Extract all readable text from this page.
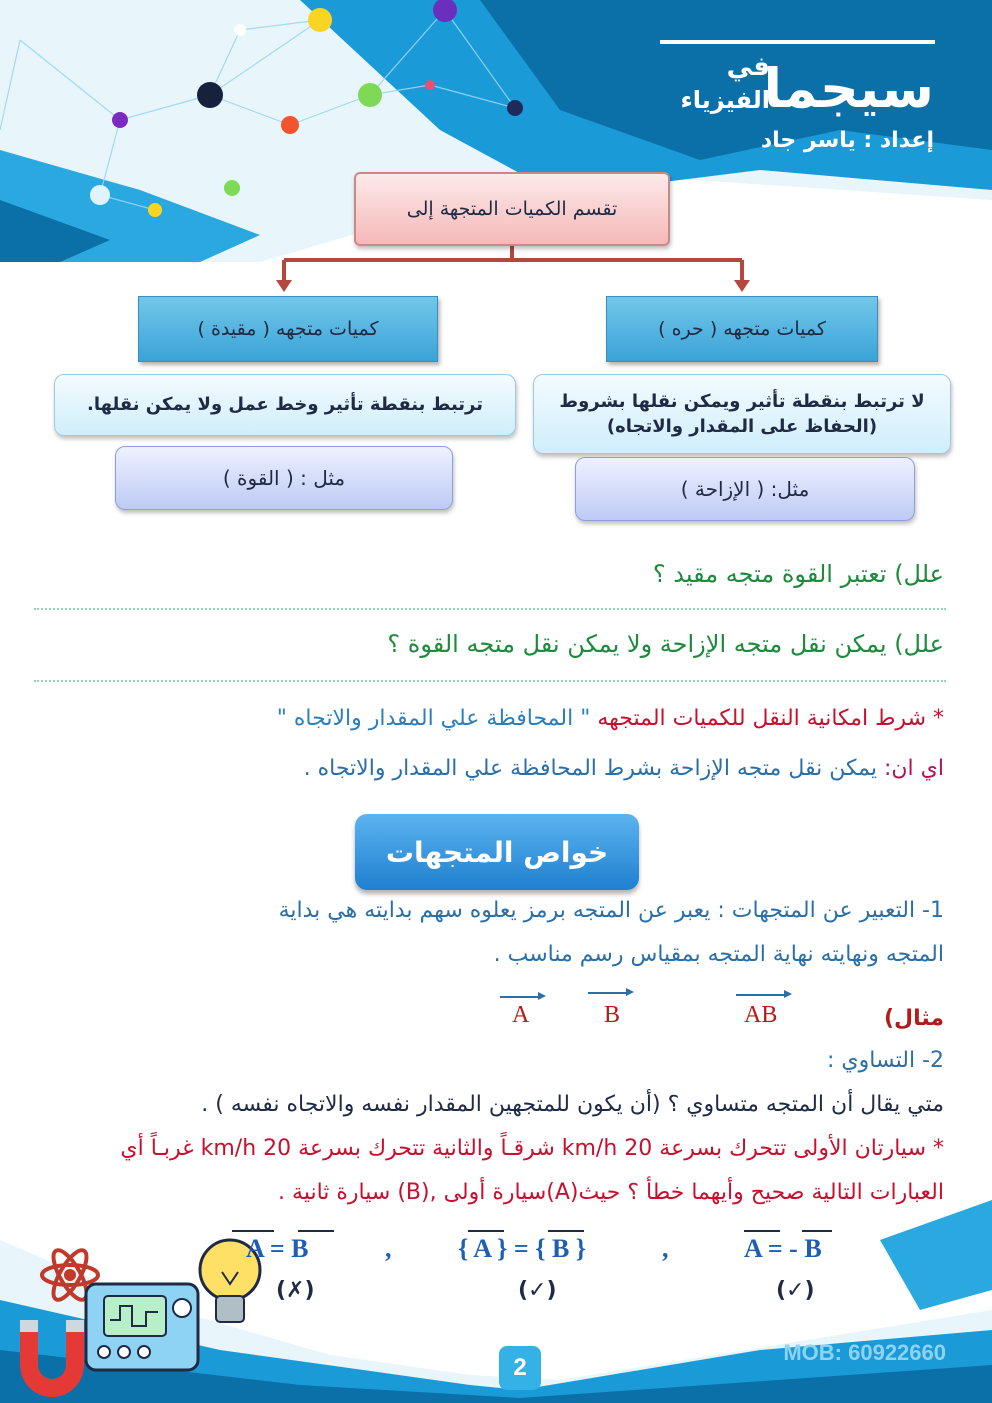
سيجما
في
الفيزياء
إعداد : ياسر جاد
تقسم الكميات المتجهة إلى
كميات متجهه ( حره )
كميات متجهه ( مقيدة )
لا ترتبط بنقطة تأثير ويمكن نقلها بشروط
(الحفاظ على المقدار والاتجاه)
ترتبط بنقطة تأثير وخط عمل ولا يمكن نقلها.
مثل: ( الإزاحة )
مثل : ( القوة )
علل) تعتبر القوة متجه مقيد ؟
علل) يمكن نقل متجه الإزاحة ولا يمكن نقل متجه القوة ؟
* شرط امكانية النقل للكميات المتجهه " المحافظة علي المقدار والاتجاه "
اي ان: يمكن نقل متجه الإزاحة بشرط المحافظة علي المقدار والاتجاه .
خواص المتجهات
1- التعبير عن المتجهات : يعبر عن المتجه برمز يعلوه سهم بدايته هي بداية
المتجه ونهايته نهاية المتجه بمقياس رسم مناسب .
A	B	AB	مثال)
2- التساوي :
متي يقال أن المتجه متساوي ؟ (أن يكون للمتجهين المقدار نفسه والاتجاه نفسه ) .
* سيارتان الأولى تتحرك بسرعة 20 km/h شرقـاً والثانية تتحرك بسرعة 20 km/h غربـاً أي
العبارات التالية صحيح وأيهما خطأ ؟ حيث(A)سيارة أولى ,(B) سيارة ثانية .
A = - B
(✓)
,
{ A } = { B }
(✓)
,
A = B
(✗)
MOB: 60922660
2
